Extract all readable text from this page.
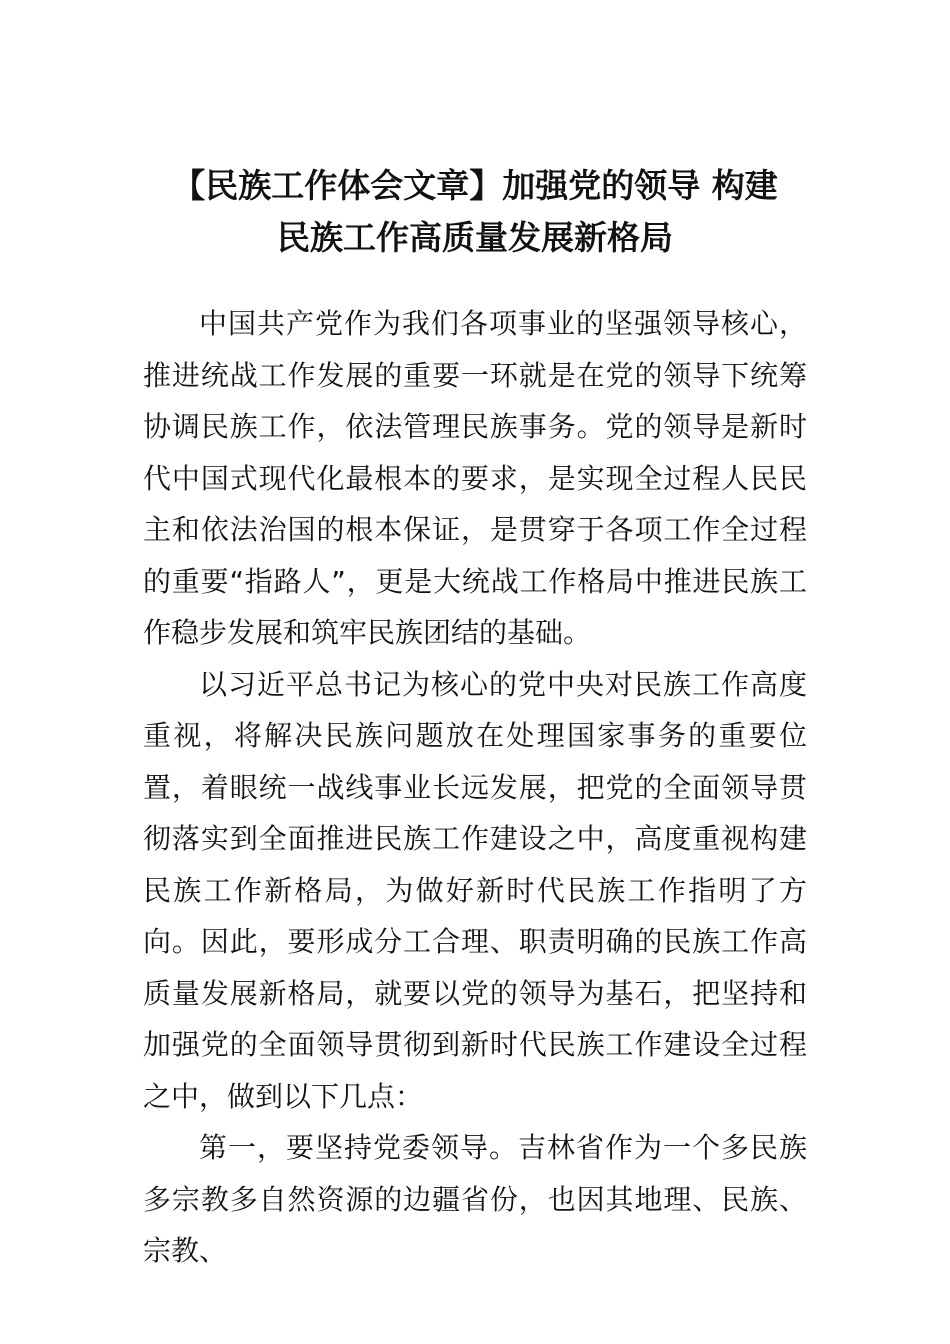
【民族工作体会文章】加强党的领导 构建
民族工作高质量发展新格局

中国共产党作为我们各项事业的坚强领导核心，推进统战工作发展的重要一环就是在党的领导下统筹协调民族工作，依法管理民族事务。党的领导是新时代中国式现代化最根本的要求，是实现全过程人民民主和依法治国的根本保证，是贯穿于各项工作全过程的重要“指路人”，更是大统战工作格局中推进民族工作稳步发展和筑牢民族团结的基础。

以习近平总书记为核心的党中央对民族工作高度重视，将解决民族问题放在处理国家事务的重要位置，着眼统一战线事业长远发展，把党的全面领导贯彻落实到全面推进民族工作建设之中，高度重视构建民族工作新格局，为做好新时代民族工作指明了方向。因此，要形成分工合理、职责明确的民族工作高质量发展新格局，就要以党的领导为基石，把坚持和加强党的全面领导贯彻到新时代民族工作建设全过程之中，做到以下几点：

第一，要坚持党委领导。吉林省作为一个多民族多宗教多自然资源的边疆省份，也因其地理、民族、宗教、
